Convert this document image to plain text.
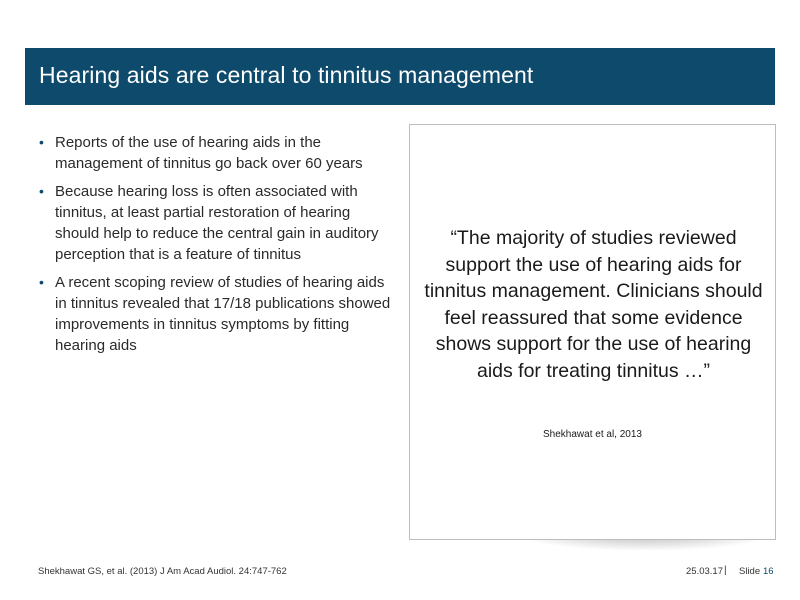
Hearing aids are central to tinnitus management
• Reports of the use of hearing aids in the management of tinnitus go back over 60 years
• Because hearing loss is often associated with tinnitus, at least partial restoration of hearing should help to reduce the central gain in auditory perception that is a feature of tinnitus
• A recent scoping review of studies of hearing aids in tinnitus revealed that 17/18 publications showed improvements in tinnitus symptoms by fitting hearing aids
“The majority of studies reviewed support the use of hearing aids for tinnitus management. Clinicians should feel reassured that some evidence shows support for the use of hearing aids for treating tinnitus …”
Shekhawat et al, 2013
Shekhawat GS, et al. (2013) J Am Acad Audiol. 24:747-762	25.03.17 | Slide 16
